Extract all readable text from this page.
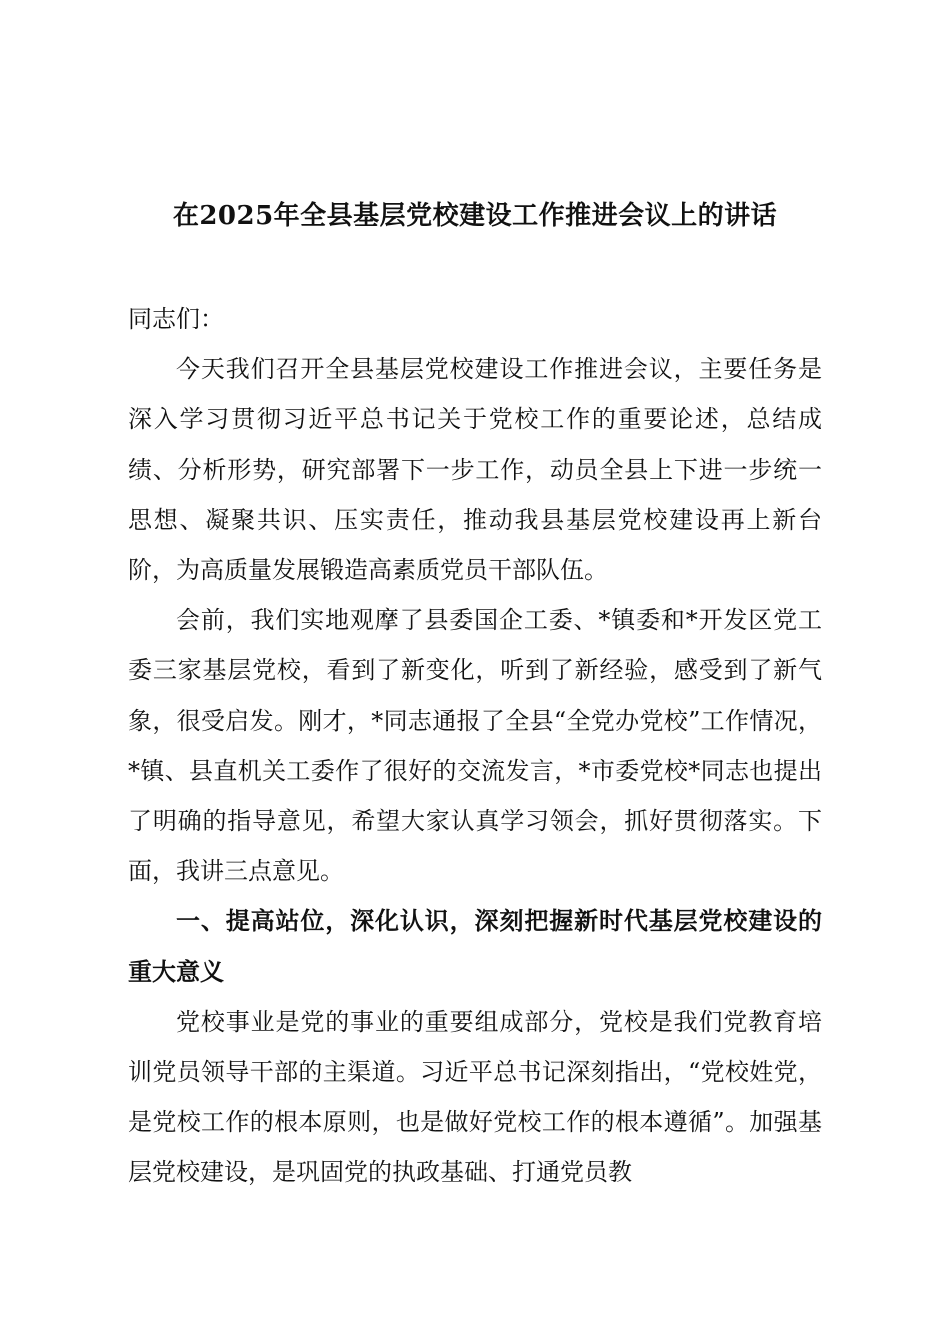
在2025年全县基层党校建设工作推进会议上的讲话

同志们：

今天我们召开全县基层党校建设工作推进会议，主要任务是深入学习贯彻习近平总书记关于党校工作的重要论述，总结成绩、分析形势，研究部署下一步工作，动员全县上下进一步统一思想、凝聚共识、压实责任，推动我县基层党校建设再上新台阶，为高质量发展锻造高素质党员干部队伍。

会前，我们实地观摩了县委国企工委、*镇委和*开发区党工委三家基层党校，看到了新变化，听到了新经验，感受到了新气象，很受启发。刚才，*同志通报了全县“全党办党校”工作情况，*镇、县直机关工委作了很好的交流发言，*市委党校*同志也提出了明确的指导意见，希望大家认真学习领会，抓好贯彻落实。下面，我讲三点意见。

一、提高站位，深化认识，深刻把握新时代基层党校建设的重大意义

党校事业是党的事业的重要组成部分，党校是我们党教育培训党员领导干部的主渠道。习近平总书记深刻指出，“党校姓党，是党校工作的根本原则，也是做好党校工作的根本遵循”。加强基层党校建设，是巩固党的执政基础、打通党员教
